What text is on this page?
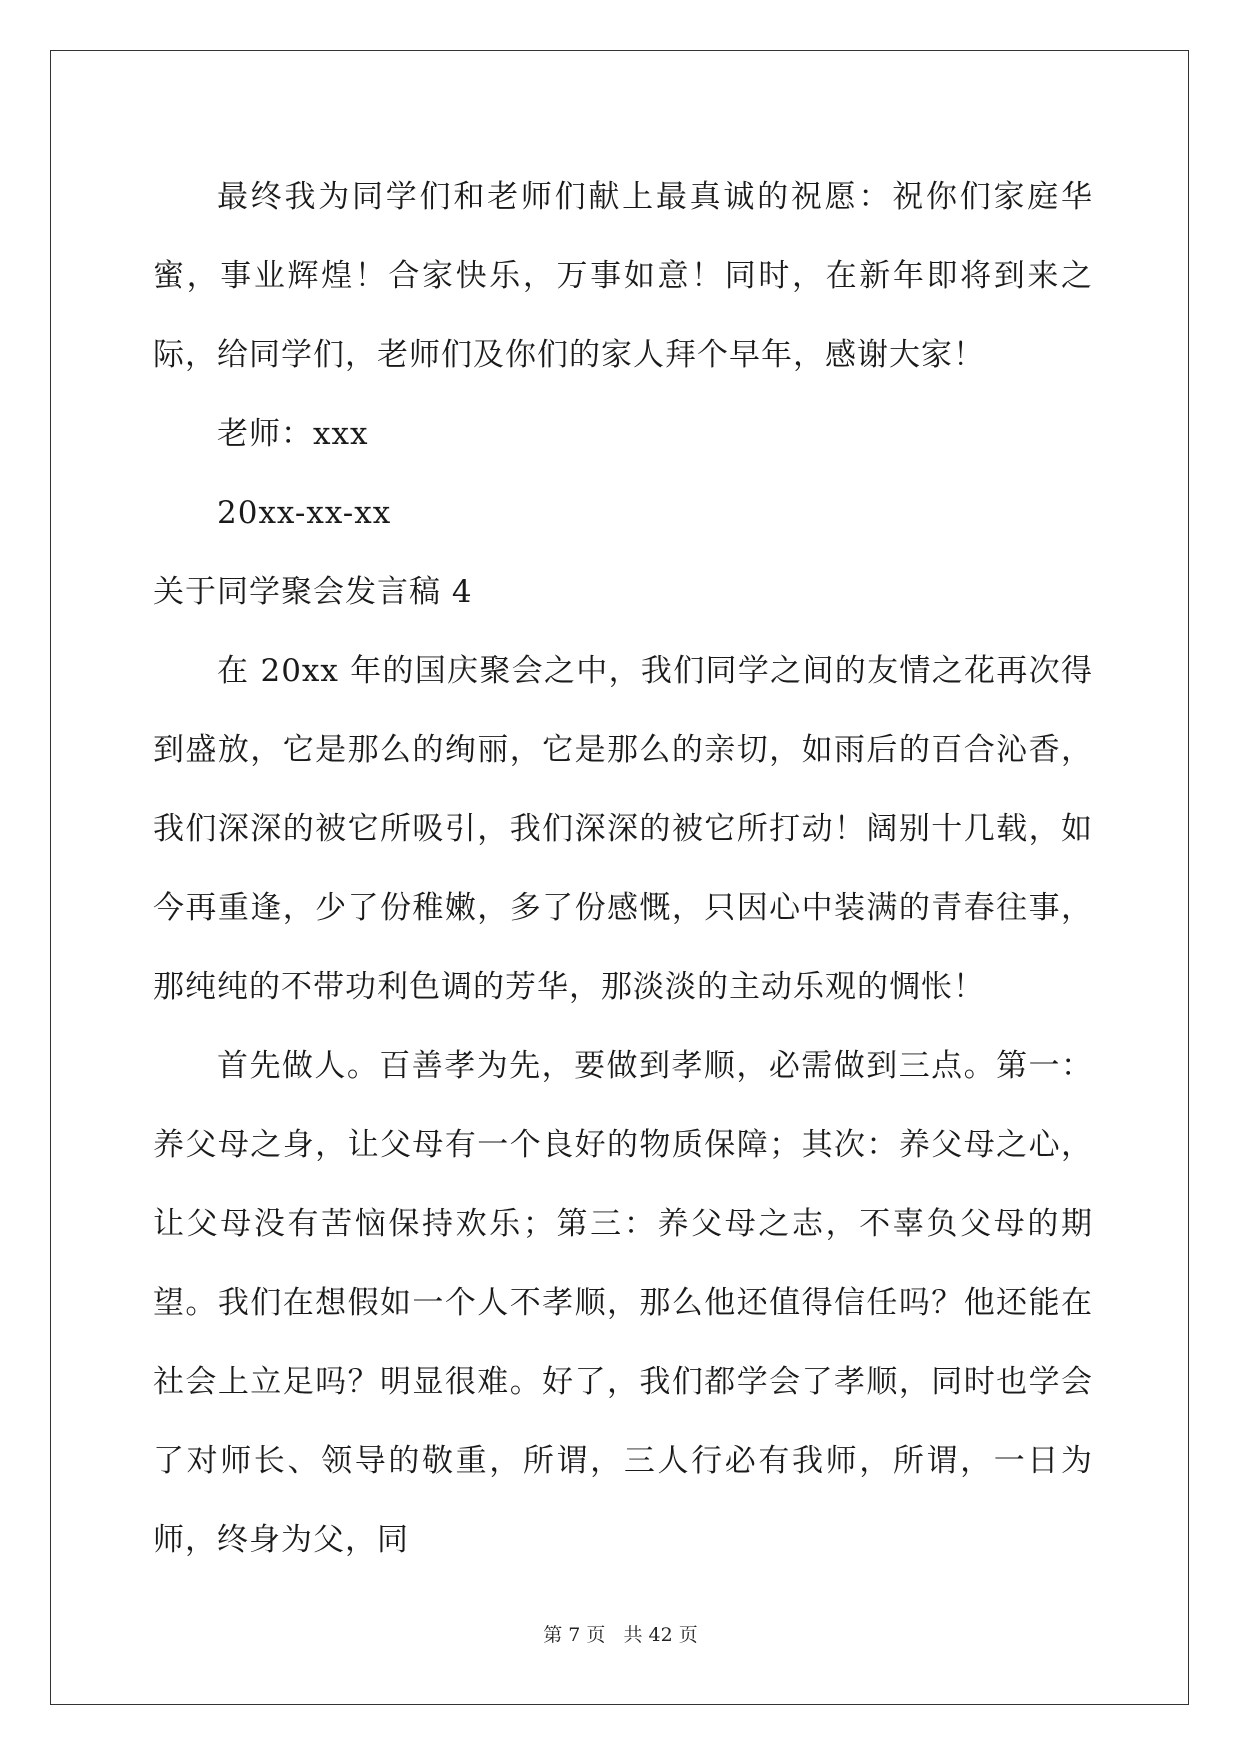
最终我为同学们和老师们献上最真诚的祝愿：祝你们家庭华蜜，事业辉煌！合家快乐，万事如意！同时，在新年即将到来之际，给同学们，老师们及你们的家人拜个早年，感谢大家！

老师：xxx

20xx-xx-xx

关于同学聚会发言稿 4

在 20xx 年的国庆聚会之中，我们同学之间的友情之花再次得到盛放，它是那么的绚丽，它是那么的亲切，如雨后的百合沁香，我们深深的被它所吸引，我们深深的被它所打动！阔别十几载，如今再重逢，少了份稚嫩，多了份感慨，只因心中装满的青春往事，那纯纯的不带功利色调的芳华，那淡淡的主动乐观的惆怅！

首先做人。百善孝为先，要做到孝顺，必需做到三点。第一：养父母之身，让父母有一个良好的物质保障；其次：养父母之心，让父母没有苦恼保持欢乐；第三：养父母之志，不辜负父母的期望。我们在想假如一个人不孝顺，那么他还值得信任吗？他还能在社会上立足吗？明显很难。好了，我们都学会了孝顺，同时也学会了对师长、领导的敬重，所谓，三人行必有我师，所谓，一日为师，终身为父，同

第 7 页 共 42 页
